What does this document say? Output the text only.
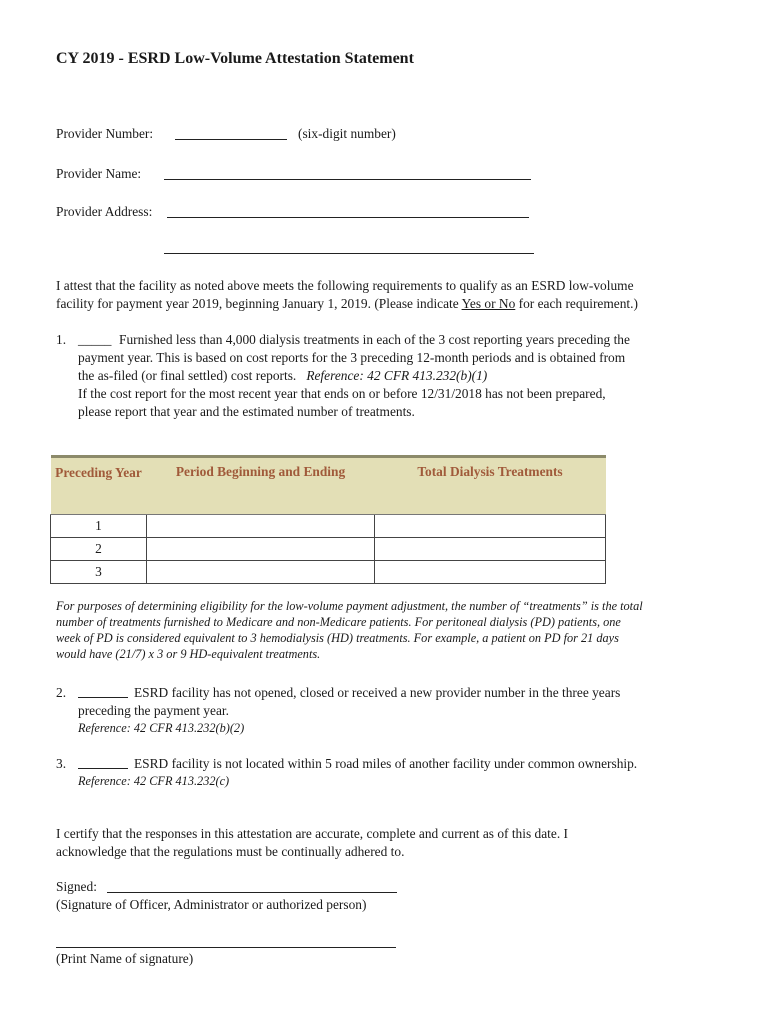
CY 2019 - ESRD Low-Volume Attestation Statement
Provider Number:	(six-digit number)
Provider Name:
Provider Address:
I attest that the facility as noted above meets the following requirements to qualify as an ESRD low-volume
facility for payment year 2019, beginning January 1, 2019. (Please indicate Yes or No for each requirement.)
1. _____ Furnished less than 4,000 dialysis treatments in each of the 3 cost reporting years preceding the
payment year. This is based on cost reports for the 3 preceding 12-month periods and is obtained from
the as-filed (or final settled) cost reports. Reference: 42 CFR 413.232(b)(1)
If the cost report for the most recent year that ends on or before 12/31/2018 has not been prepared,
please report that year and the estimated number of treatments.
Preceding Year	Period Beginning and Ending	Total Dialysis Treatments
1		
2		
3		
For purposes of determining eligibility for the low-volume payment adjustment, the number of “treatments” is the total
number of treatments furnished to Medicare and non-Medicare patients. For peritoneal dialysis (PD) patients, one
week of PD is considered equivalent to 3 hemodialysis (HD) treatments. For example, a patient on PD for 21 days
would have (21/7) x 3 or 9 HD-equivalent treatments.
2.	ESRD facility has not opened, closed or received a new provider number in the three years
preceding the payment year.
Reference: 42 CFR 413.232(b)(2)
3.	ESRD facility is not located within 5 road miles of another facility under common ownership.
Reference: 42 CFR 413.232(c)
I certify that the responses in this attestation are accurate, complete and current as of this date. I
acknowledge that the regulations must be continually adhered to.
Signed:
(Signature of Officer, Administrator or authorized person)
(Print Name of signature)
